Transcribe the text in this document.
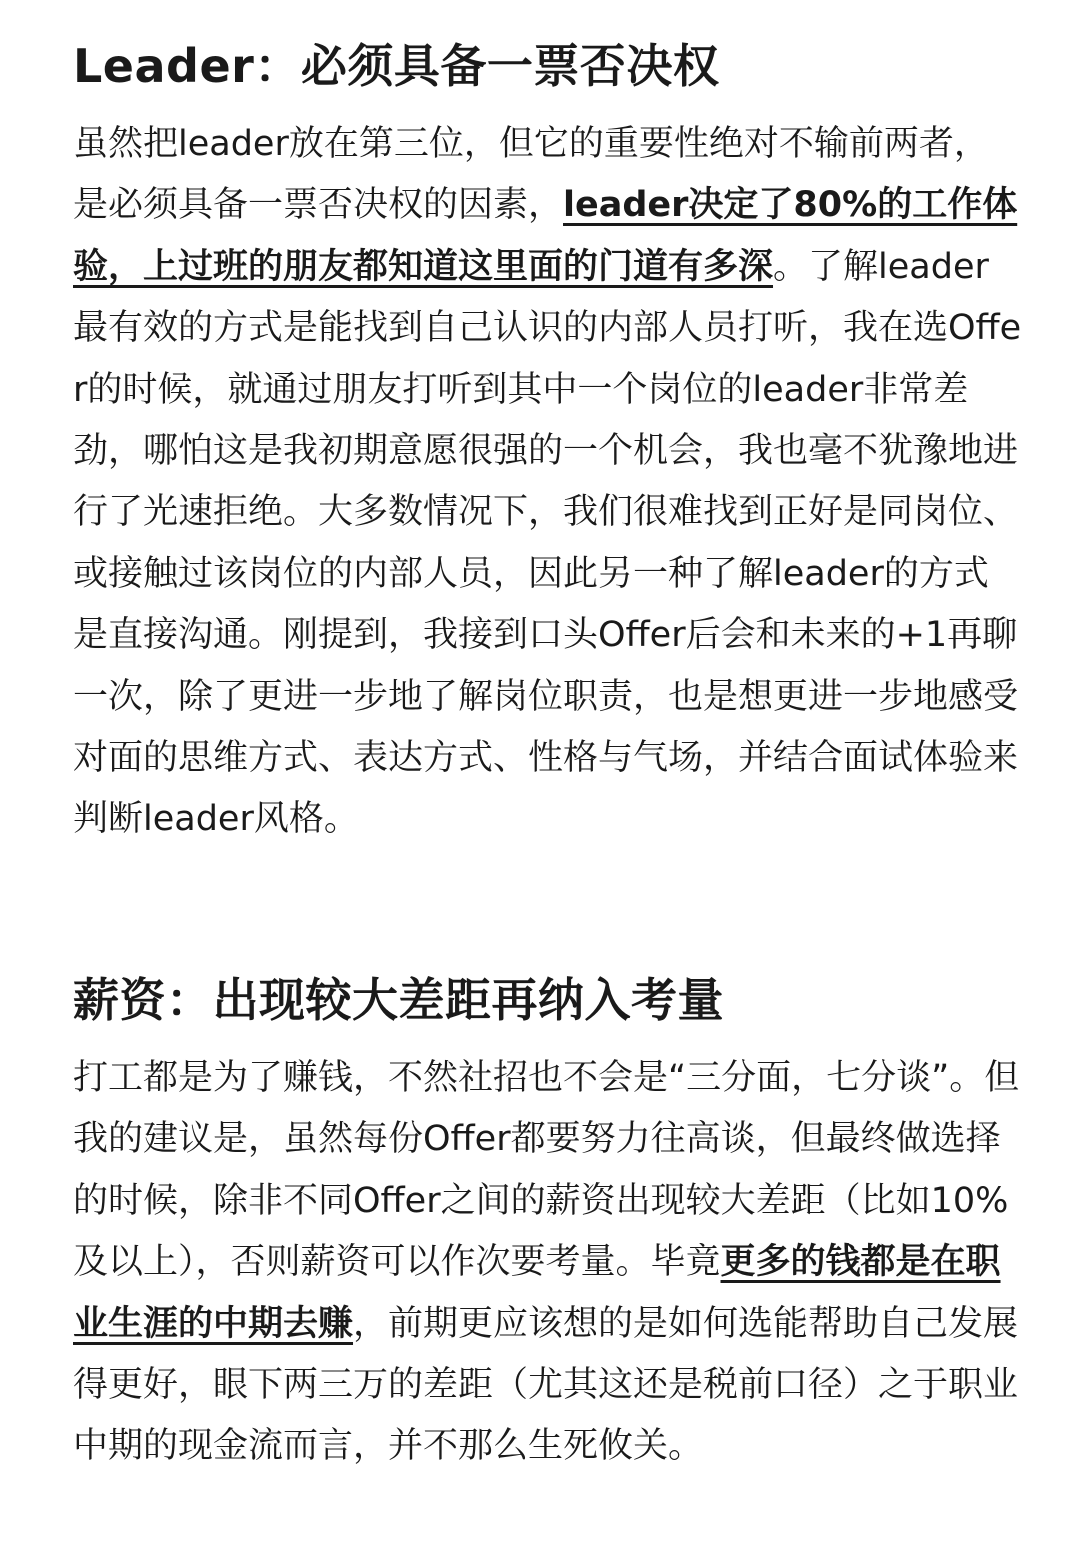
Leader：必须具备一票否决权

虽然把leader放在第三位，但它的重要性绝对不输前两者，是必须具备一票否决权的因素，leader决定了80%的工作体验，上过班的朋友都知道这里面的门道有多深。了解leader最有效的方式是能找到自己认识的内部人员打听，我在选Offer的时候，就通过朋友打听到其中一个岗位的leader非常差劲，哪怕这是我初期意愿很强的一个机会，我也毫不犹豫地进行了光速拒绝。大多数情况下，我们很难找到正好是同岗位、或接触过该岗位的内部人员，因此另一种了解leader的方式是直接沟通。刚提到，我接到口头Offer后会和未来的+1再聊一次，除了更进一步地了解岗位职责，也是想更进一步地感受对面的思维方式、表达方式、性格与气场，并结合面试体验来判断leader风格。

薪资：出现较大差距再纳入考量

打工都是为了赚钱，不然社招也不会是“三分面，七分谈”。但我的建议是，虽然每份Offer都要努力往高谈，但最终做选择的时候，除非不同Offer之间的薪资出现较大差距（比如10%及以上），否则薪资可以作次要考量。毕竟更多的钱都是在职业生涯的中期去赚，前期更应该想的是如何选能帮助自己发展得更好，眼下两三万的差距（尤其这还是税前口径）之于职业中期的现金流而言，并不那么生死攸关。
